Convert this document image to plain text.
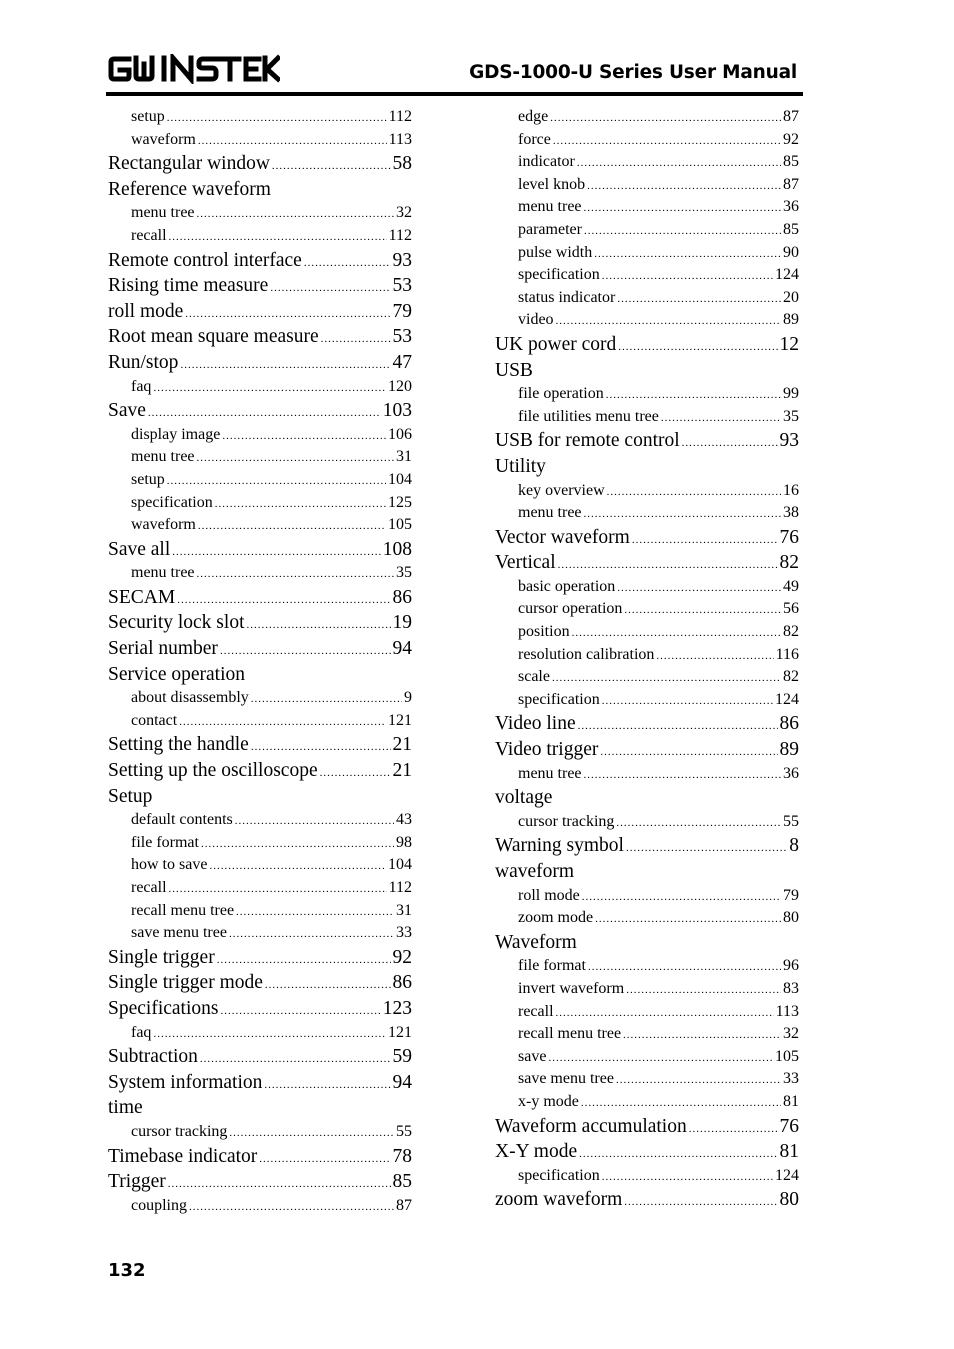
GDS-1000-U Series User Manual
setup .....	112
waveform .....	113
Rectangular window .....	58
Reference waveform
menu tree .....	32
recall .....	112
Remote control interface .....	93
Rising time measure .....	53
roll mode .....	79
Root mean square measure .....	53
Run/stop .....	47
faq .....	120
Save .....	103
display image .....	106
menu tree .....	31
setup .....	104
specification .....	125
waveform .....	105
Save all .....	108
menu tree .....	35
SECAM .....	86
Security lock slot .....	19
Serial number .....	94
Service operation
about disassembly .....	9
contact .....	121
Setting the handle .....	21
Setting up the oscilloscope .....	21
Setup
default contents .....	43
file format .....	98
how to save .....	104
recall .....	112
recall menu tree .....	31
save menu tree .....	33
Single trigger .....	92
Single trigger mode .....	86
Specifications .....	123
faq .....	121
Subtraction .....	59
System information .....	94
time
cursor tracking .....	55
Timebase indicator .....	78
Trigger .....	85
coupling .....	87
edge .....	87
force .....	92
indicator .....	85
level knob .....	87
menu tree .....	36
parameter .....	85
pulse width .....	90
specification .....	124
status indicator .....	20
video .....	89
UK power cord .....	12
USB
file operation .....	99
file utilities menu tree .....	35
USB for remote control .....	93
Utility
key overview .....	16
menu tree .....	38
Vector waveform .....	76
Vertical .....	82
basic operation .....	49
cursor operation .....	56
position .....	82
resolution calibration .....	116
scale .....	82
specification .....	124
Video line .....	86
Video trigger .....	89
menu tree .....	36
voltage
cursor tracking .....	55
Warning symbol .....	8
waveform
roll mode .....	79
zoom mode .....	80
Waveform
file format .....	96
invert waveform .....	83
recall .....	113
recall menu tree .....	32
save .....	105
save menu tree .....	33
x-y mode .....	81
Waveform accumulation .....	76
X-Y mode .....	81
specification .....	124
zoom waveform .....	80
132
